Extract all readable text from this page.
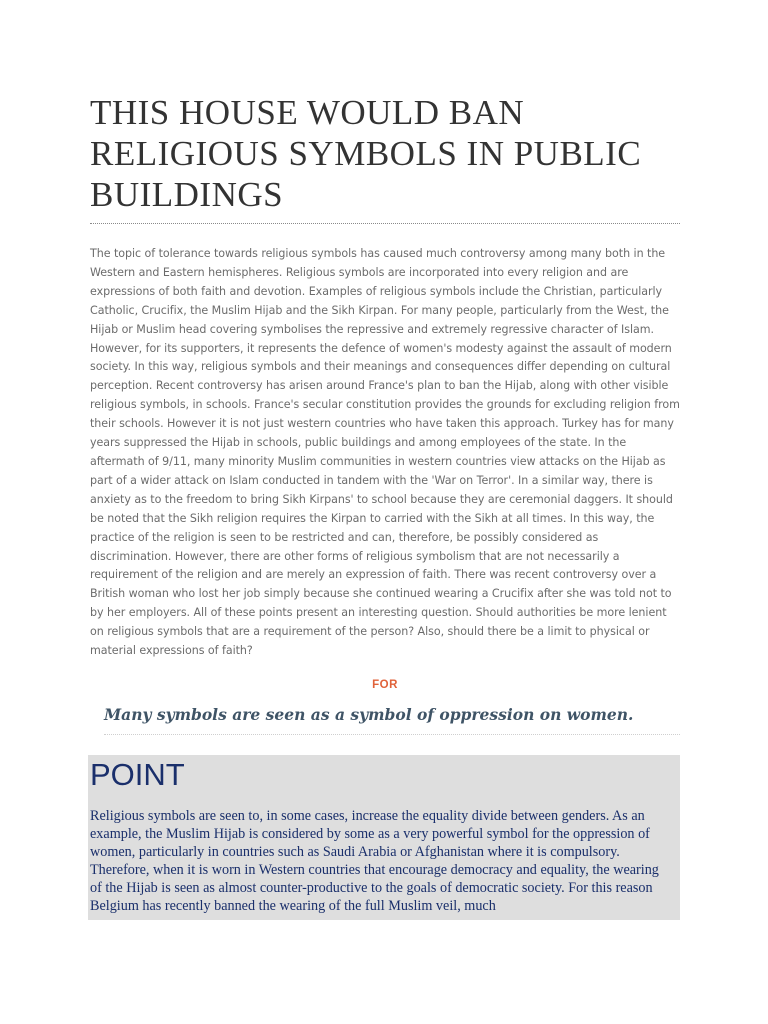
THIS HOUSE WOULD BAN RELIGIOUS SYMBOLS IN PUBLIC BUILDINGS

The topic of tolerance towards religious symbols has caused much controversy among many both in the Western and Eastern hemispheres. Religious symbols are incorporated into every religion and are expressions of both faith and devotion. Examples of religious symbols include the Christian, particularly Catholic, Crucifix, the Muslim Hijab and the Sikh Kirpan. For many people, particularly from the West, the Hijab or Muslim head covering symbolises the repressive and extremely regressive character of Islam. However, for its supporters, it represents the defence of women's modesty against the assault of modern society. In this way, religious symbols and their meanings and consequences differ depending on cultural perception. Recent controversy has arisen around France's plan to ban the Hijab, along with other visible religious symbols, in schools. France's secular constitution provides the grounds for excluding religion from their schools. However it is not just western countries who have taken this approach. Turkey has for many years suppressed the Hijab in schools, public buildings and among employees of the state. In the aftermath of 9/11, many minority Muslim communities in western countries view attacks on the Hijab as part of a wider attack on Islam conducted in tandem with the 'War on Terror'. In a similar way, there is anxiety as to the freedom to bring Sikh Kirpans' to school because they are ceremonial daggers. It should be noted that the Sikh religion requires the Kirpan to carried with the Sikh at all times. In this way, the practice of the religion is seen to be restricted and can, therefore, be possibly considered as discrimination. However, there are other forms of religious symbolism that are not necessarily a requirement of the religion and are merely an expression of faith. There was recent controversy over a British woman who lost her job simply because she continued wearing a Crucifix after she was told not to by her employers. All of these points present an interesting question. Should authorities be more lenient on religious symbols that are a requirement of the person? Also, should there be a limit to physical or material expressions of faith?

FOR
Many symbols are seen as a symbol of oppression on women.
POINT

Religious symbols are seen to, in some cases, increase the equality divide between genders. As an example, the Muslim Hijab is considered by some as a very powerful symbol for the oppression of women, particularly in countries such as Saudi Arabia or Afghanistan where it is compulsory. Therefore, when it is worn in Western countries that encourage democracy and equality, the wearing of the Hijab is seen as almost counter-productive to the goals of democratic society. For this reason Belgium has recently banned the wearing of the full Muslim veil, much
